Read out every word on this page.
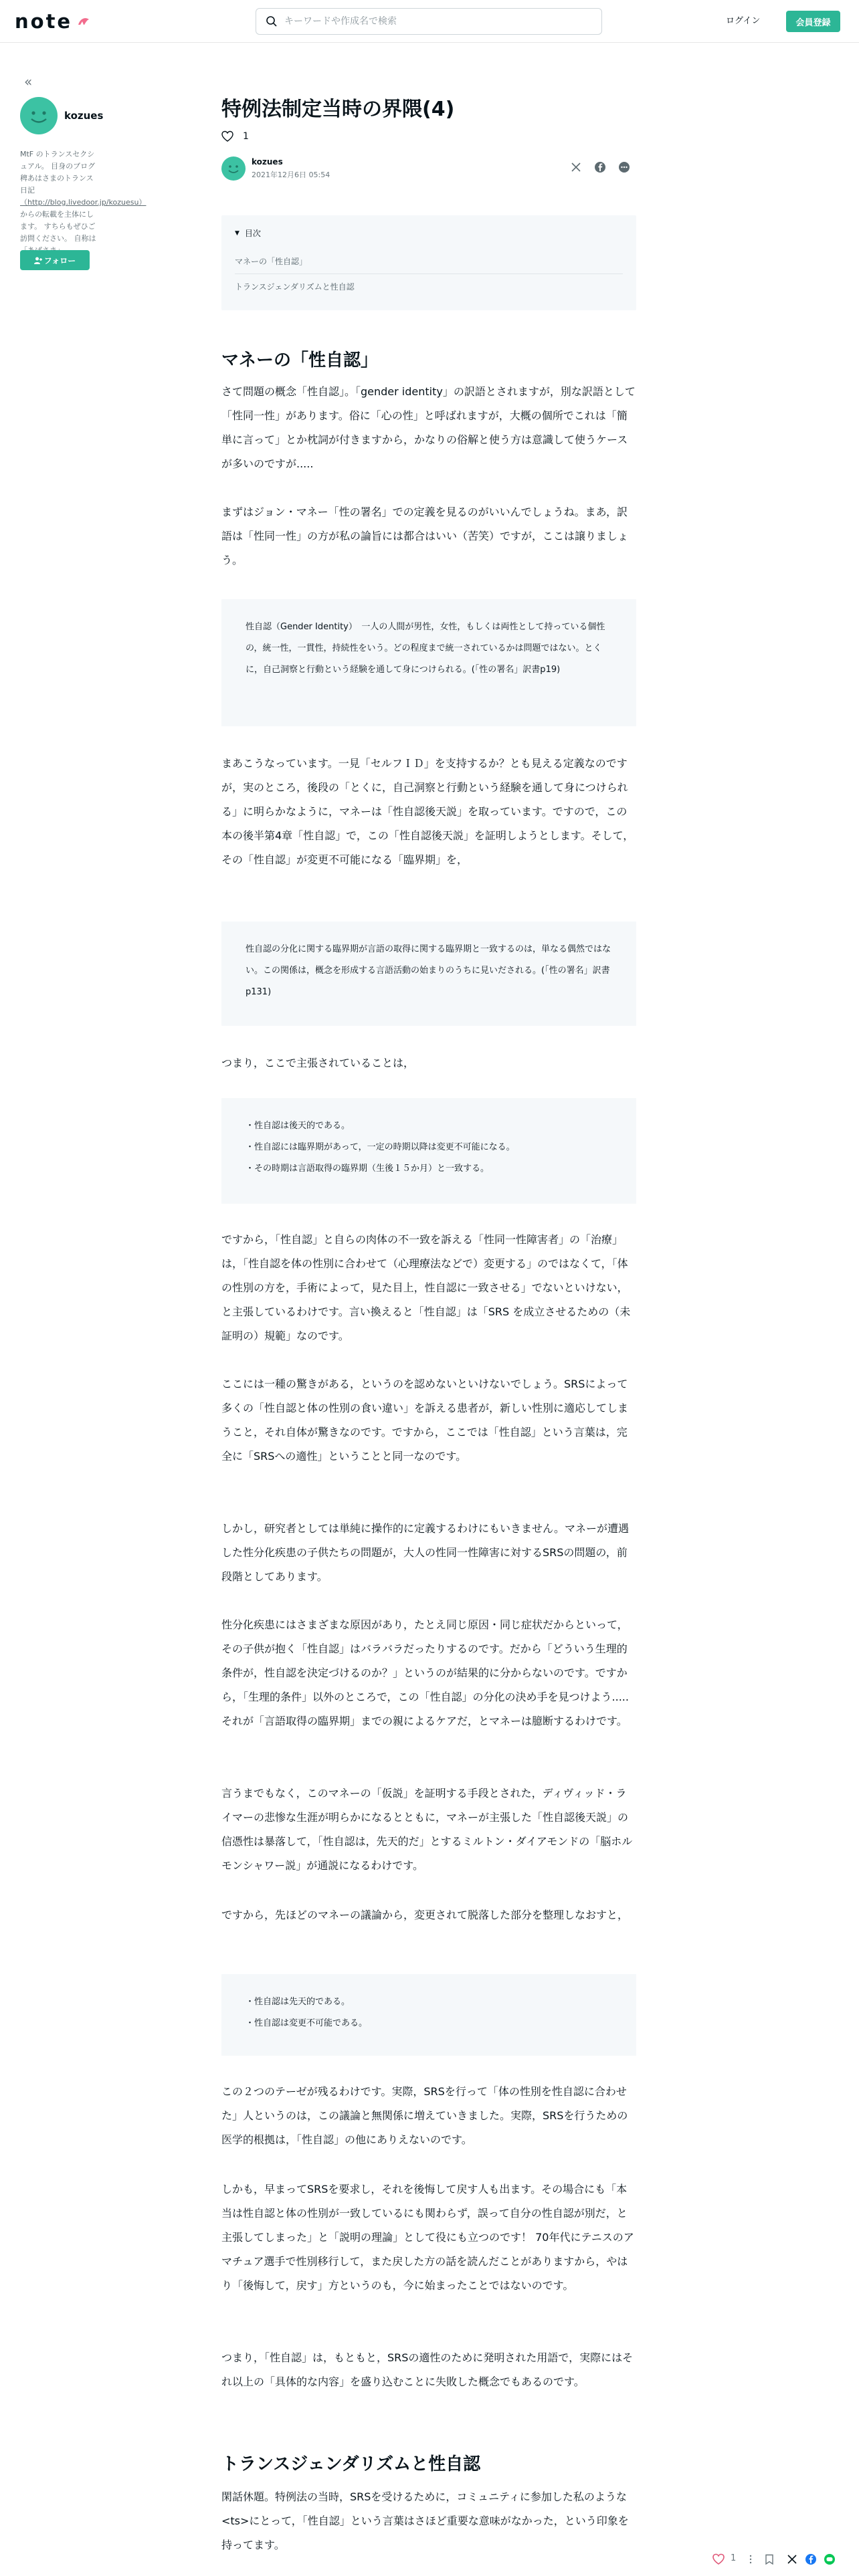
note
キーワードや作成名で検索	ログイン	会員登録
«
kozues
MtF のトランスセクシュアル。 目身のブログ 稗あはさまのトランス日記 （http://blog.livedoor.jp/kozuesu） からの転載を主体にします。 すちらもぜひご訪問ください。 自称は
フォロー
特例法制定当時の界隈(4)
1
kozues
2021年12月6日 05:54
▼ 目次
マネーの「性自認」
トランスジェンダリズムと性自認
マネーの「性自認」

さて問題の概念「性自認」。「gender identity」の訳語とされますが，別な訳語として「性同一性」があります。俗に「心の性」と呼ばれますが，大概の個所でこれは「簡単に言って」とか枕詞が付きますから，かなりの俗解と使う方は意識して使うケースが多いのですが.....

まずはジョン・マネー「性の署名」での定義を見るのがいいんでしょうね。まあ，訳語は「性同一性」の方が私の論旨には都合はいい（苦笑）ですが，ここは譲りましょう。

性自認（Gender Identity）　一人の人間が男性，女性，もしくは両性として持っている個性の，統一性，一貫性，持続性をいう。どの程度まで統一されているかは問題ではない。とくに，自己洞察と行動という経験を通して身につけられる。(「性の署名」訳書p19)

まあこうなっています。一見「セルフＩＤ」を支持するか？とも見える定義なのですが，実のところ，後段の「とくに，自己洞察と行動という経験を通して身につけられる」に明らかなように，マネーは「性自認後天説」を取っています。ですので，この本の後半第4章「性自認」で，この「性自認後天説」を証明しようとします。そして，その「性自認」が変更不可能になる「臨界期」を，

性自認の分化に関する臨界期が言語の取得に関する臨界期と一致するのは，単なる偶然ではない。この関係は，概念を形成する言語活動の始まりのうちに見いだされる。(「性の署名」訳書p131)

つまり，ここで主張されていることは，

・ 性自認は後天的である。
・ 性自認には臨界期があって，一定の時期以降は変更不可能になる。
・ その時期は言語取得の臨界期（生後１５か月）と一致する。

ですから，「性自認」と自らの肉体の不一致を訴える「性同一性障害者」の「治療」は，「性自認を体の性別に合わせて（心理療法などで）変更する」のではなくて，「体の性別の方を，手術によって，見た目上，性自認に一致させる」でないといけない，と主張しているわけです。言い換えると「性自認」は「SRS を成立させるための（未証明の）規範」なのです。

ここには一種の驚きがある，というのを認めないといけないでしょう。SRSによって多くの「性自認と体の性別の食い違い」を訴える患者が，新しい性別に適応してしまうこと，それ自体が驚きなのです。ですから，ここでは「性自認」という言葉は，完全に「SRSへの適性」ということと同一なのです。

しかし，研究者としては単純に操作的に定義するわけにもいきません。マネーが遭遇した性分化疾患の子供たちの問題が，大人の性同一性障害に対するSRSの問題の，前段階としてあります。

性分化疾患にはさまざまな原因があり，たとえ同じ原因・同じ症状だからといって，その子供が抱く「性自認」はバラバラだったりするのです。だから「どういう生理的条件が，性自認を決定づけるのか？」というのが結果的に分からないのです。ですから，「生理的条件」以外のところで，この「性自認」の分化の決め手を見つけよう.....それが「言語取得の臨界期」までの親によるケアだ，とマネーは臆断するわけです。

言うまでもなく，このマネーの「仮説」を証明する手段とされた，ディヴィッド・ライマーの悲惨な生涯が明らかになるとともに，マネーが主張した「性自認後天説」の信憑性は暴落して，「性自認は，先天的だ」とするミルトン・ダイアモンドの「脳ホルモンシャワー説」が通説になるわけです。

ですから，先ほどのマネーの議論から，変更されて脱落した部分を整理しなおすと，

・ 性自認は先天的である。
・ 性自認は変更不可能である。

この２つのテーゼが残るわけです。実際，SRSを行って「体の性別を性自認に合わせた」人というのは，この議論と無関係に増えていきました。実際，SRSを行うための医学的根拠は，「性自認」の他にありえないのです。

しかも，早まってSRSを要求し，それを後悔して戻す人も出ます。その場合にも「本当は性自認と体の性別が一致しているにも関わらず，誤って自分の性自認が別だ，と主張してしまった」と「説明の理論」として役にも立つのです！ 70年代にテニスのアマチュア選手で性別移行して，また戻した方の話を読んだことがありますから，やはり「後悔して，戻す」方というのも，今に始まったことではないのです。

つまり，「性自認」は，もともと，SRSの適性のために発明された用語で，実際にはそれ以上の「具体的な内容」を盛り込むことに失敗した概念でもあるのです。

トランスジェンダリズムと性自認

閑話休題。特例法の当時，SRSを受けるために，コミュニティに参加した私のような<ts>にとって，「性自認」という言葉はさほど重要な意味がなかった，という印象を持ってます。

1
